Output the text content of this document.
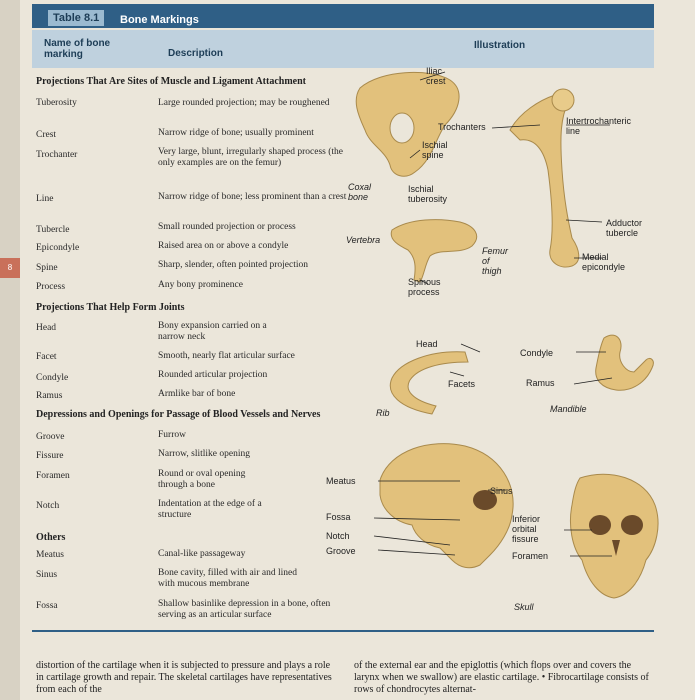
Table 8.1	Bone Markings
Name of bone marking	Description
Illustration
Projections That Are Sites of Muscle and Ligament Attachment
Tuberosity	Large rounded projection; may be roughened
Crest	Narrow ridge of bone; usually prominent
Trochanter	Very large, blunt, irregularly shaped process (the only examples are on the femur)
Line	Narrow ridge of bone; less prominent than a crest
Tubercle	Small rounded projection or process
Epicondyle	Raised area on or above a condyle
Spine	Sharp, slender, often pointed projection
Process	Any bony prominence
Projections That Help Form Joints
Head	Bony expansion carried on a narrow neck
Facet	Smooth, nearly flat articular surface
Condyle	Rounded articular projection
Ramus	Armlike bar of bone
Depressions and Openings for Passage of Blood Vessels and Nerves
Groove	Furrow
Fissure	Narrow, slitlike opening
Foramen	Round or oval opening through a bone
Notch	Indentation at the edge of a structure
Others
Meatus	Canal-like passageway
Sinus	Bone cavity, filled with air and lined with mucous membrane
Fossa	Shallow basinlike depression in a bone, often serving as an articular surface
Iliac crest
Trochanters
Intertrochanteric line
Ischial spine
Coxal bone
Ischial tuberosity
Vertebra
Adductor tubercle
Femur of thigh
Medial epicondyle
Spinous process
Head
Condyle
Facets	Ramus
Mandible
Rib
Meatus
Sinus
Fossa
Notch
Groove
Inferior orbital fissure
Foramen
Skull
distortion of the cartilage when it is subjected to pressure and plays a role in cartilage growth and repair. The skeletal cartilages have representatives from each of the
of the external ear and the epiglottis (which flops over and covers the larynx when we swallow) are elastic cartilage. • Fibrocartilage consists of rows of chondrocytes alternat-
8
